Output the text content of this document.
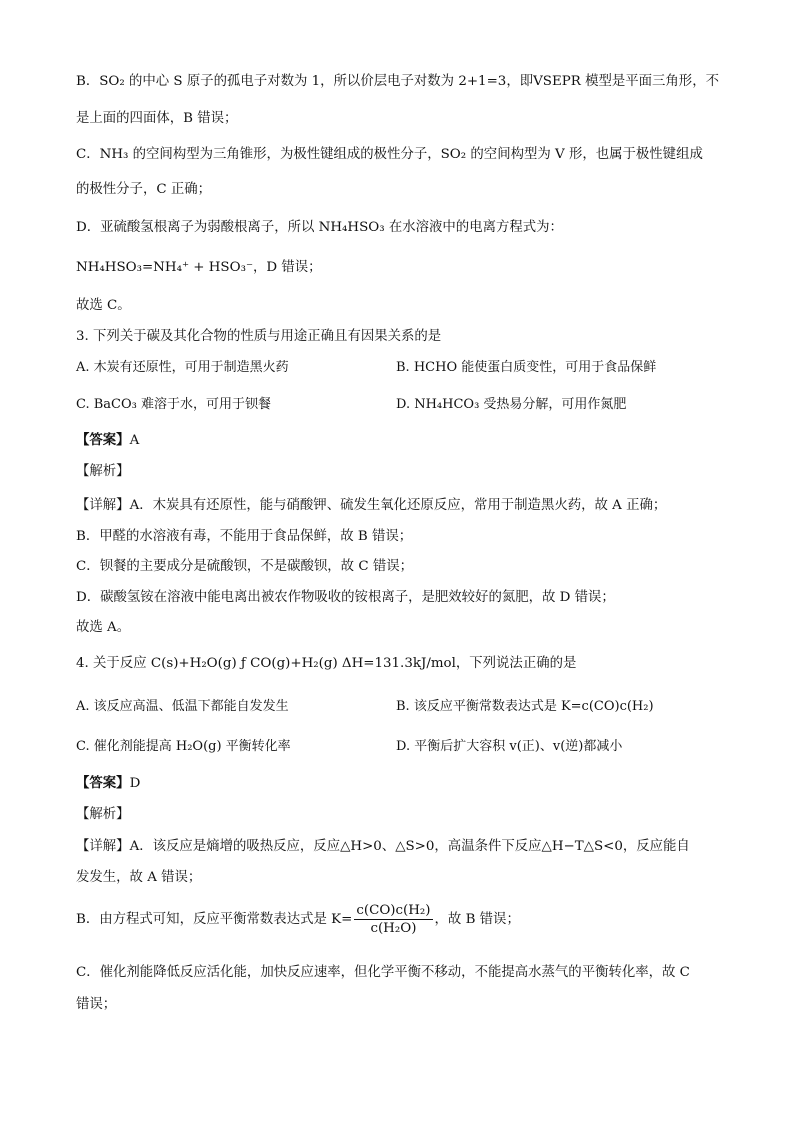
B．SO₂ 的中心 S 原子的孤电子对数为 1，所以价层电子对数为 2+1=3，即VSEPR 模型是平面三角形，不
是上面的四面体，B 错误；
C．NH₃ 的空间构型为三角锥形，为极性键组成的极性分子，SO₂ 的空间构型为 V 形，也属于极性键组成
的极性分子，C 正确；
D．亚硫酸氢根离子为弱酸根离子，所以 NH₄HSO₃ 在水溶液中的电离方程式为：
NH₄HSO₃=NH₄⁺ + HSO₃⁻，D 错误；
故选 C。
3. 下列关于碳及其化合物的性质与用途正确且有因果关系的是
A. 木炭有还原性，可用于制造黑火药	B. HCHO 能使蛋白质变性，可用于食品保鲜
C. BaCO₃ 难溶于水，可用于钡餐	D. NH₄HCO₃ 受热易分解，可用作氮肥
【答案】A
【解析】
【详解】A．木炭具有还原性，能与硝酸钾、硫发生氧化还原反应，常用于制造黑火药，故 A 正确；
B．甲醛的水溶液有毒，不能用于食品保鲜，故 B 错误；
C．钡餐的主要成分是硫酸钡，不是碳酸钡，故 C 错误；
D．碳酸氢铵在溶液中能电离出被农作物吸收的铵根离子，是肥效较好的氮肥，故 D 错误；
故选 A。
4. 关于反应 C(s)+H₂O(g) ƒ CO(g)+H₂(g) ΔH=131.3kJ/mol，下列说法正确的是
A. 该反应高温、低温下都能自发发生	B. 该反应平衡常数表达式是 K=c(CO)c(H₂)
C. 催化剂能提高 H₂O(g) 平衡转化率	D. 平衡后扩大容积 v(正)、v(逆)都减小
【答案】D
【解析】
【详解】A．该反应是熵增的吸热反应，反应△H>0、△S>0，高温条件下反应△H−T△S<0，反应能自
发发生，故 A 错误；
B．由方程式可知，反应平衡常数表达式是 $K= \frac{\text{c(CO)c(H₂)}}{\text{c(H₂O)}}$ ，故 B 错误；
C．催化剂能降低反应活化能，加快反应速率，但化学平衡不移动，不能提高水蒸气的平衡转化率，故 C
错误；
